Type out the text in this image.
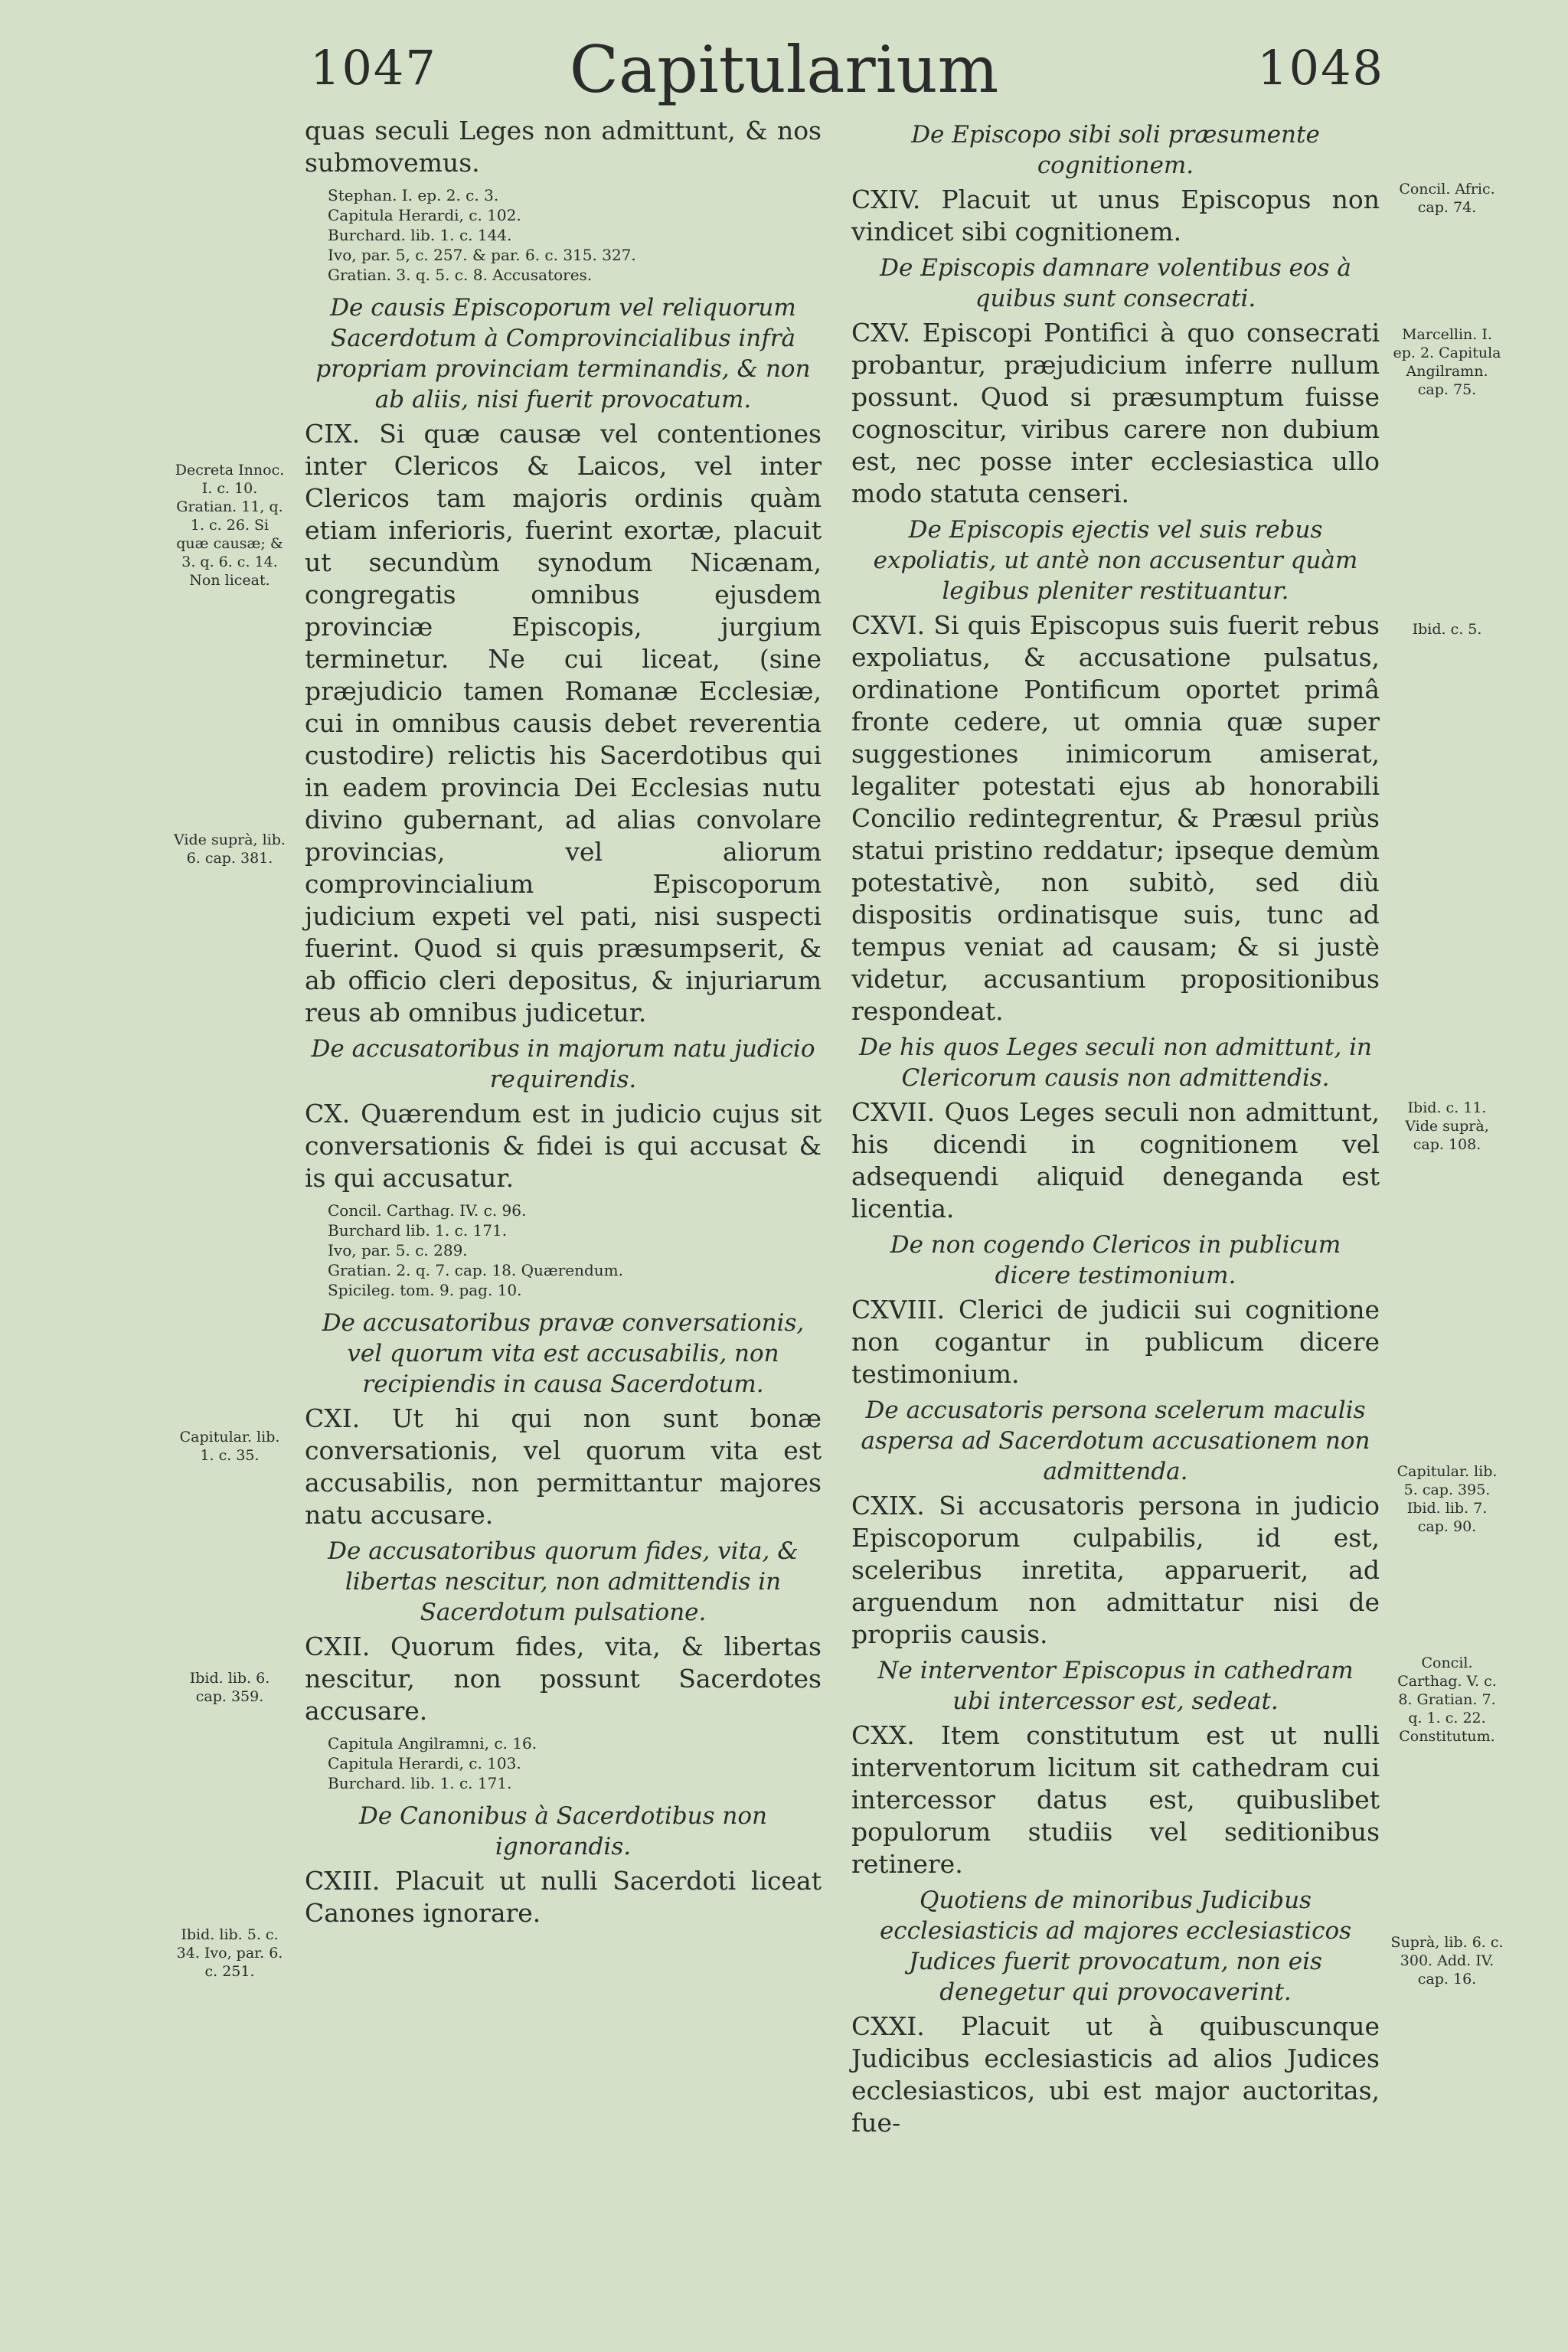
1047	Capitularium	1048
Decreta Innoc. I. c. 10. Gratian. 11, q. 1. c. 26. Si quæ causæ; & 3. q. 6. c. 14. Non liceat.
Vide suprà, lib. 6. cap. 381.
Capitular. lib. 1. c. 35.
Ibid. lib. 6. cap. 359.
Ibid. lib. 5. c. 34. Ivo, par. 6. c. 251.

quas seculi Leges non admittunt, & nos submovemus.

Stephan. I. ep. 2. c. 3.
Capitula Herardi, c. 102.
Burchard. lib. 1. c. 144.
Ivo, par. 5, c. 257. & par. 6. c. 315. 327.
Gratian. 3. q. 5. c. 8. Accusatores.

De causis Episcoporum vel reliquorum Sacerdotum à Comprovincialibus infrà propriam provinciam terminandis, & non ab aliis, nisi fuerit provocatum.

CIX. Si quæ causæ vel contentiones inter Clericos & Laicos, vel inter Clericos tam majoris ordinis quàm etiam inferioris, fuerint exortæ, placuit ut secundùm synodum Nicænam, congregatis omnibus ejusdem provinciæ Episcopis, jurgium terminetur. Ne cui liceat, (sine præjudicio tamen Romanæ Ecclesiæ, cui in omnibus causis debet reverentia custodire) relictis his Sacerdotibus qui in eadem provincia Dei Ecclesias nutu divino gubernant, ad alias convolare provincias, vel aliorum comprovincialium Episcoporum judicium expeti vel pati, nisi suspecti fuerint. Quod si quis præsumpserit, & ab officio cleri depositus, & injuriarum reus ab omnibus judicetur.

De accusatoribus in majorum natu judicio requirendis.

CX. Quærendum est in judicio cujus sit conversationis & fidei is qui accusat & is qui accusatur.

Concil. Carthag. IV. c. 96.
Burchard lib. 1. c. 171.
Ivo, par. 5. c. 289.
Gratian. 2. q. 7. cap. 18. Quærendum.
Spicileg. tom. 9. pag. 10.

De accusatoribus pravæ conversationis, vel quorum vita est accusabilis, non recipiendis in causa Sacerdotum.

CXI. Ut hi qui non sunt bonæ conversationis, vel quorum vita est accusabilis, non permittantur majores natu accusare.

De accusatoribus quorum fides, vita, & libertas nescitur, non admittendis in Sacerdotum pulsatione.

CXII. Quorum fides, vita, & libertas nescitur, non possunt Sacerdotes accusare.

Capitula Angilramni, c. 16.
Capitula Herardi, c. 103.
Burchard. lib. 1. c. 171.

De Canonibus à Sacerdotibus non ignorandis.

CXIII. Placuit ut nulli Sacerdoti liceat Canones ignorare.

De Episcopo sibi soli præsumente cognitionem.

CXIV. Placuit ut unus Episcopus non vindicet sibi cognitionem.

De Episcopis damnare volentibus eos à quibus sunt consecrati.

CXV. Episcopi Pontifici à quo consecrati probantur, præjudicium inferre nullum possunt. Quod si præsumptum fuisse cognoscitur, viribus carere non dubium est, nec posse inter ecclesiastica ullo modo statuta censeri.

De Episcopis ejectis vel suis rebus expoliatis, ut antè non accusentur quàm legibus pleniter restituantur.

CXVI. Si quis Episcopus suis fuerit rebus expoliatus, & accusatione pulsatus, ordinatione Pontificum oportet primâ fronte cedere, ut omnia quæ super suggestiones inimicorum amiserat, legaliter potestati ejus ab honorabili Concilio redintegrentur, & Præsul priùs statui pristino reddatur; ipseque demùm potestativè, non subitò, sed diù dispositis ordinatisque suis, tunc ad tempus veniat ad causam; & si justè videtur, accusantium propositionibus respondeat.

De his quos Leges seculi non admittunt, in Clericorum causis non admittendis.

CXVII. Quos Leges seculi non admittunt, his dicendi in cognitionem vel adsequendi aliquid deneganda est licentia.

De non cogendo Clericos in publicum dicere testimonium.

CXVIII. Clerici de judicii sui cognitione non cogantur in publicum dicere testimonium.

De accusatoris persona scelerum maculis aspersa ad Sacerdotum accusationem non admittenda.

CXIX. Si accusatoris persona in judicio Episcoporum culpabilis, id est, sceleribus inretita, apparuerit, ad arguendum non admittatur nisi de propriis causis.

Ne interventor Episcopus in cathedram ubi intercessor est, sedeat.

CXX. Item constitutum est ut nulli interventorum licitum sit cathedram cui intercessor datus est, quibuslibet populorum studiis vel seditionibus retinere.

Quotiens de minoribus Judicibus ecclesiasticis ad majores ecclesiasticos Judices fuerit provocatum, non eis denegetur qui provocaverint.

CXXI. Placuit ut à quibuscunque Judicibus ecclesiasticis ad alios Judices ecclesiasticos, ubi est major auctoritas, fue-

Concil. Afric. cap. 74.
Marcellin. I. ep. 2. Capitula Angilramn. cap. 75.
Ibid. c. 5.
Ibid. c. 11. Vide suprà, cap. 108.
Capitular. lib. 5. cap. 395. Ibid. lib. 7. cap. 90.
Concil. Carthag. V. c. 8. Gratian. 7. q. 1. c. 22. Constitutum.
Suprà, lib. 6. c. 300. Add. IV. cap. 16.
